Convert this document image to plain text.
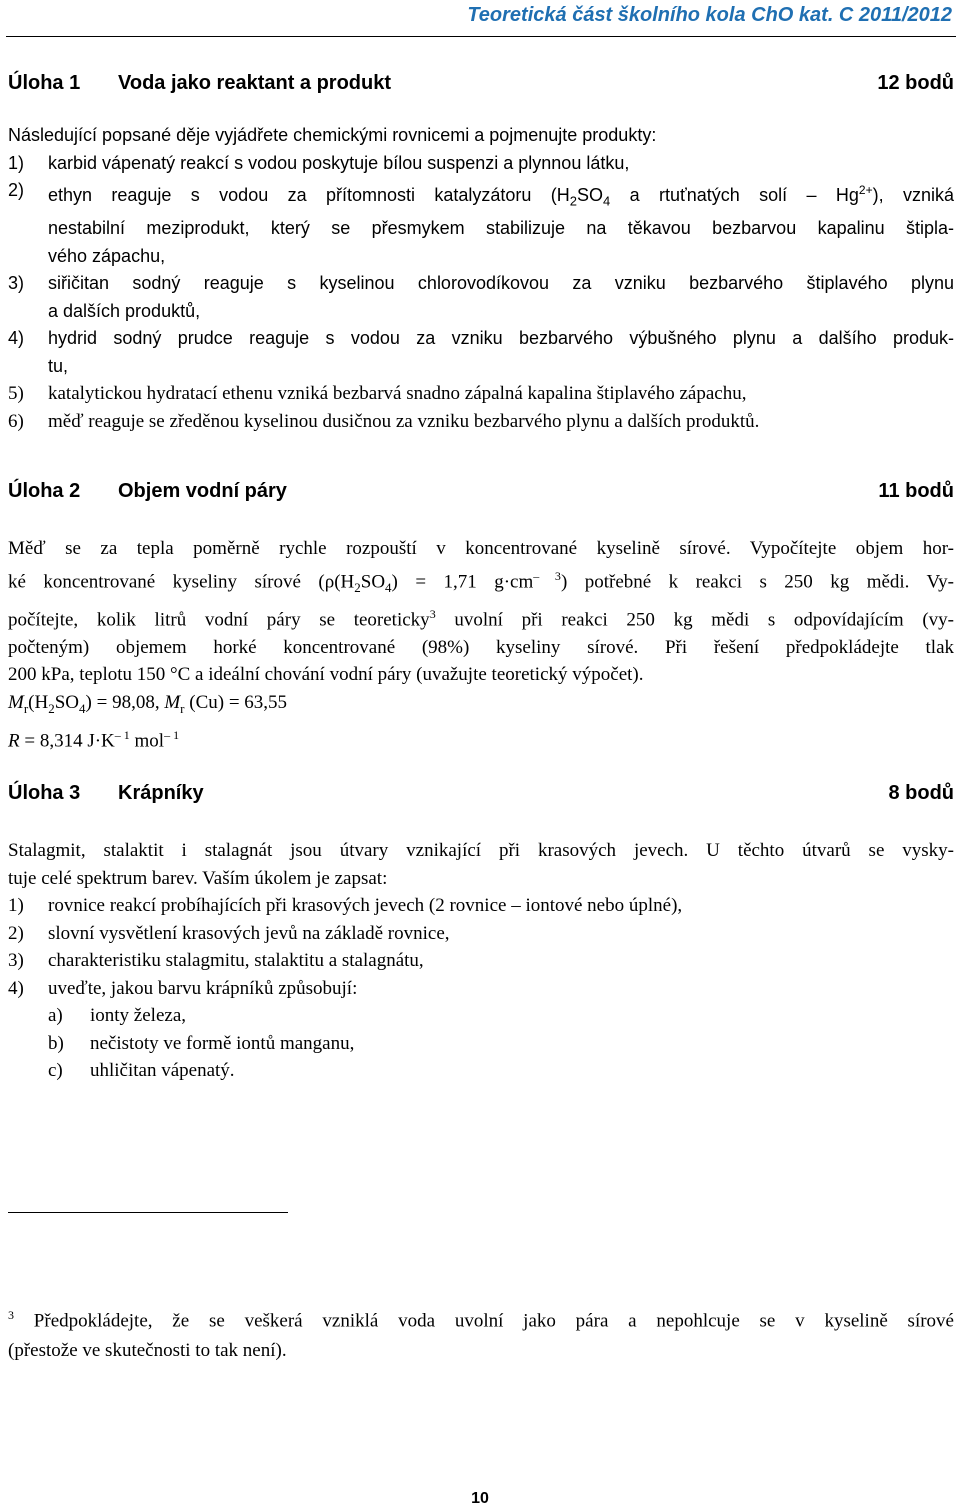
Teoretická část školního kola ChO kat. C 2011/2012
Úloha 1	Voda jako reaktant a produkt	12 bodů
Následující popsané děje vyjádřete chemickými rovnicemi a pojmenujte produkty:
1)	karbid vápenatý reakcí s vodou poskytuje bílou suspenzi a plynnou látku,
2)	ethyn reaguje s vodou za přítomnosti katalyzátoru ($H_2SO_4$ a rtuťnatých solí ‒ $Hg^{2+}$), vzniká
nestabilní meziprodukt, který se přesmykem stabilizuje na těkavou bezbarvou kapalinu štipla-
vého zápachu,
3)	siřičitan sodný reaguje s kyselinou chlorovodíkovou za vzniku bezbarvého štiplavého plynu
a dalších produktů,
4)	hydrid sodný prudce reaguje s vodou za vzniku bezbarvého výbušného plynu a dalšího produk-
tu,
5)	katalytickou hydratací ethenu vzniká bezbarvá snadno zápalná kapalina štiplavého zápachu,
6)	měď reaguje se zředěnou kyselinou dusičnou za vzniku bezbarvého plynu a dalších produktů.
Úloha 2	Objem vodní páry	11 bodů
Měď se za tepla poměrně rychle rozpouští v koncentrované kyselině sírové. Vypočítejte objem hor-
ké koncentrované kyseliny sírové ($\rho(H_2SO_4) = 1,71$ $g\cdot cm^{‒ 3}$) potřebné k reakci s 250 kg mědi. Vy-
počítejte, kolik litrů vodní páry se teoreticky$^3$ uvolní při reakci 250 kg mědi s odpovídajícím (vy-
počteným) objemem horké koncentrované (98%) kyseliny sírové. Při řešení předpokládejte tlak
200 kPa, teplotu 150 °C a ideální chování vodní páry (uvažujte teoretický výpočet).
$M_r(H_2SO_4) = 98,08$, $M_r$ (Cu) = 63,55
R = 8,314 $J\cdot K^{‒ 1}$ mol$^{‒ 1}$
Úloha 3	Krápníky	8 bodů
Stalagmit, stalaktit i stalagnát jsou útvary vznikající při krasových jevech. U těchto útvarů se vysky-
tuje celé spektrum barev. Vaším úkolem je zapsat:
1)	rovnice reakcí probíhajících při krasových jevech (2 rovnice ‒ iontové nebo úplné),
2)	slovní vysvětlení krasových jevů na základě rovnice,
3)	charakteristiku stalagmitu, stalaktitu a stalagnátu,
4)	uveďte, jakou barvu krápníků způsobují:
a)	ionty železa,
b)	nečistoty ve formě iontů manganu,
c)	uhličitan vápenatý.
$^3$ Předpokládejte, že se veškerá vzniklá voda uvolní jako pára a nepohlcuje se v kyselině sírové
(přestože ve skutečnosti to tak není).
10
